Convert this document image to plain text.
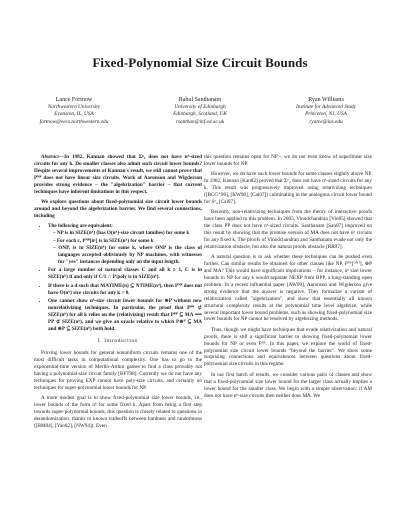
Fixed-Polynomial Size Circuit Bounds
Lance Fortnow
Northwestern University
Evanston, IL, USA
fortnow@eecs.northwestern.edu
Rahul Santhanam
University of Edinburgh
Edinburgh, Scotland, UK
rsanthan@inf.ed.ac.uk
Ryan Williams
Institute for Advanced Study
Princeton, NJ, USA
ryanw@ias.edu

Abstract—In 1982, Kannan showed that Σᵖ₂ does not have nᵏ-sized circuits for any k. Do smaller classes also admit such circuit lower bounds? Despite several improvements of Kannan's result, we still cannot prove that Pᴺᴾ does not have linear size circuits. Work of Aaronson and Wigderson provides strong evidence – the "algebrization" barrier – that current techniques have inherent limitations in this respect.

We explore questions about fixed-polynomial size circuit lower bounds around and beyond the algebrization barrier. We find several connections, including

• The following are equivalent:
– NP is in SIZE(nᵏ) (has O(nᵏ)-size circuit families) for some k
– For each c, Pᴺᴾ[nᶜ] is in SIZE(nᵏ) for some k
– ONPᵢ is in SIZE(nᵏ) for some k, where ONP is the class of languages accepted obliviously by NP machines, with witnesses for "yes" instances depending only on the input length.
• For a large number of natural classes C and all k ≥ 1, C is in SIZE(nᵏ) if and only if C/1 ∩ P/poly is in SIZE(nᵏ).
• If there is a d such that MATIME(n) ⊆ NTIME(nᵈ), then Pᴺᴾ does not have O(nᵏ) size circuits for any k > 0.
• One cannot show nᵏ-size circuit lower bounds for ⊕P without new nonrelativizing techniques. In particular, the proof that Pᴾᴾ ⊄ SIZE(nᵏ) for all k relies on the (relativizing) result that Pᴾᴾ ⊆ MA ⟹ PP ⊄ SIZE(nᵏ), and we give an oracle relative to which P⊕ᴾ ⊆ MA and ⊕P ⊆ SIZE(nᵏ) both hold.
I. Introduction

Proving lower bounds for general nonuniform circuits remains one of the most difficult tasks in computational complexity. One has to go to the exponential-time version of Merlin-Arthur games to find a class provably not having a polynomial-size circuit family [BFT98]. Currently we do not have any techniques for proving EXP cannot have poly-size circuits, and certainly no techniques for super-polynomial lower bounds for NP.

A more modest goal is to show fixed-polynomial size lower bounds, i.e., lower bounds of the form nᵏ for some fixed k. Apart from being a first step towards super-polynomial bounds, this question is closely related to questions in derandomization, thanks to known tradeoffs between hardness and randomness ([BM84], [Yao82], [NW94]). Even

this question remains open for NP – we do not even know of superlinear size lower bounds for NP.

However, we do have such lower bounds for some classes slightly above NP. In 1982, Kannan [Kan82] proved that Σᵖ₂ does not have nᵏ-sized circuits for any k. This result was progressively improved using relativizing techniques ([BCG⁺96], [KW98], [Cai07]) culminating in the analogous circuit lower bound for Sᵖ₂ [Cai07].

Recently, non-relativizing techniques from the theory of interactive proofs have been applied to this problem. In 2005, Vinodchandran [Vin05] showed that the class PP does not have nᵏ-sized circuits. Santhanam [San07] improved on this result by showing that the promise version of MA does not have nᵏ circuits for any fixed k. The proofs of Vinodchandran and Santhanam evade not only the relativization obstacle, but also the natural proofs obstacle [RR97].

A natural question is to ask whether these techniques can be pushed even further. Can similar results be obtained for other classes like NP, Pᴺᴾ[ᴼ⁽¹⁾], ⊕P and MA? This would have significant implications – for instance, nᵏ size lower bounds in NP for any k would separate NEXP from BPP, a long-standing open problem. In a recent influential paper [AW09], Aaronson and Wigderson give strong evidence that the answer is negative. They formalize a variant of relativization called "algebrization", and show that essentially all known structural complexity results at the polynomial time level algebrize, while several important lower bound problems, such as showing fixed-polynomial size lower bounds for NP cannot be resolved by algebrizing methods.

Thus, though we might have techniques that evade relativization and natural proofs, there is still a significant barrier to showing fixed-polynomial lower bounds for NP or even Pᴺᴾ. In this paper, we explore the world of fixed-polynomial size circuit lower bounds "beyond the barrier". We show some surprising connections and equivalences between questions about fixed-polynomial size circuits in this regime.

In our first batch of results, we consider various pairs of classes and show that a fixed-polynomial size lower bound for the larger class actually implies a lower bound for the smaller class. We begin with a simple observation: if AM does not have nᵏ-size circuits then neither does MA. We
